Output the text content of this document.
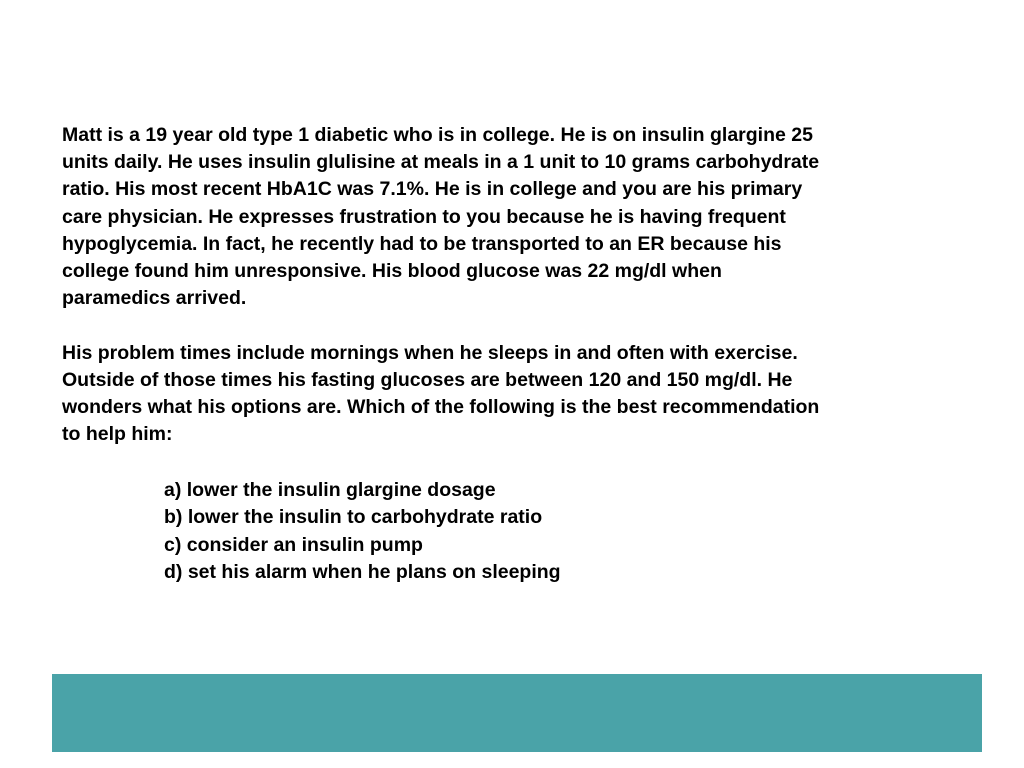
Matt is a 19 year old type 1 diabetic who is in college. He is on insulin glargine 25
units daily. He uses insulin glulisine at meals in a 1 unit to 10 grams carbohydrate
ratio. His most recent HbA1C was 7.1%. He is in college and you are his primary
care physician. He expresses frustration to you because he is having frequent
hypoglycemia. In fact, he recently had to be transported to an ER because his
college found him unresponsive. His blood glucose was 22 mg/dl when
paramedics arrived.
His problem times include mornings when he sleeps in and often with exercise.
Outside of those times his fasting glucoses are between 120 and 150 mg/dl. He
wonders what his options are. Which of the following is the best recommendation
to help him:
a) lower the insulin glargine dosage
b) lower the insulin to carbohydrate ratio
c) consider an insulin pump
d) set his alarm when he plans on sleeping
